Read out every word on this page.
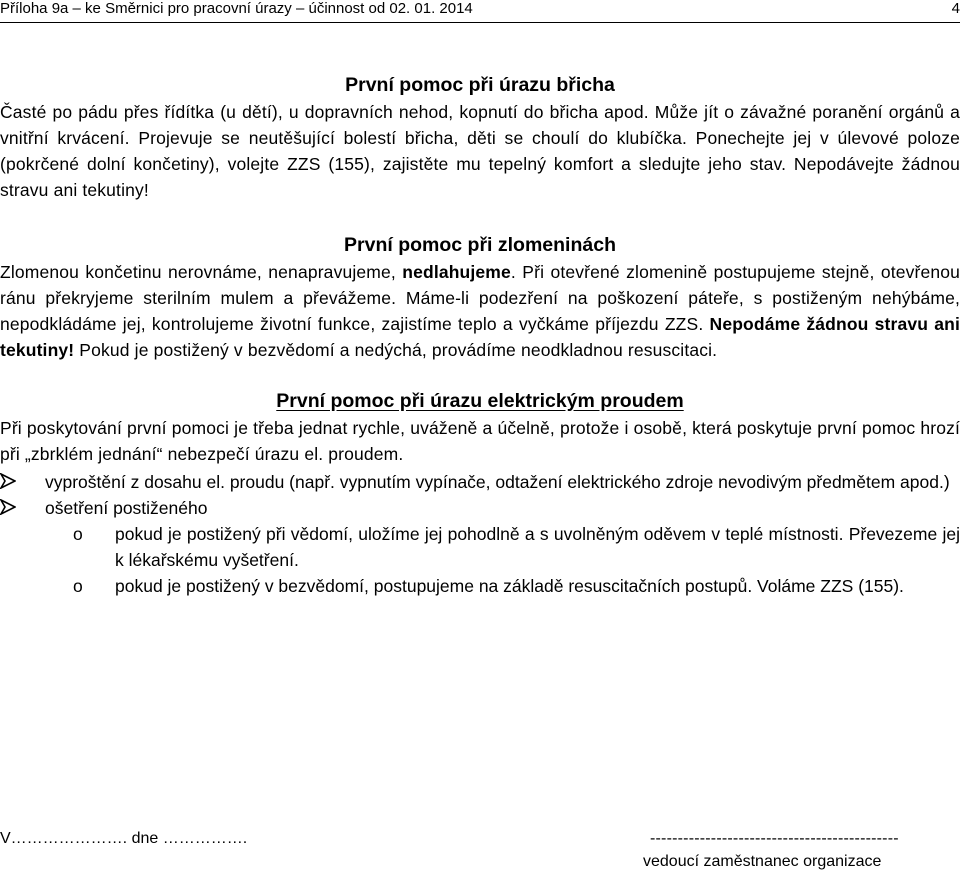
Příloha 9a – ke Směrnici pro pracovní úrazy – účinnost od 02. 01. 2014	4
První pomoc při úrazu břicha

Časté po pádu přes řídítka (u dětí), u dopravních nehod, kopnutí do břicha apod. Může jít o závažné poranění orgánů a vnitřní krvácení. Projevuje se neutěšující bolestí břicha, děti se choulí do klubíčka. Ponechejte jej v úlevové poloze (pokrčené dolní končetiny), volejte ZZS (155), zajistěte mu tepelný komfort a sledujte jeho stav. Nepodávejte žádnou stravu ani tekutiny!

První pomoc při zlomeninách

Zlomenou končetinu nerovnáme, nenapravujeme, nedlahujeme. Při otevřené zlomenině postupujeme stejně, otevřenou ránu překryjeme sterilním mulem a převážeme. Máme-li podezření na poškození páteře, s postiženým nehýbáme, nepodkládáme jej, kontrolujeme životní funkce, zajistíme teplo a vyčkáme příjezdu ZZS. Nepodáme žádnou stravu ani tekutiny! Pokud je postižený v bezvědomí a nedýchá, provádíme neodkladnou resuscitaci.

První pomoc při úrazu elektrickým proudem

Při poskytování první pomoci je třeba jednat rychle, uváženě a účelně, protože i osobě, která poskytuje první pomoc hrozí při „zbrklém jednání“ nebezpečí úrazu el. proudem.

vyproštění z dosahu el. proudu (např. vypnutím vypínače, odtažení elektrického zdroje nevodivým předmětem apod.)
ošetření postiženého
o pokud je postižený při vědomí, uložíme jej pohodlně a s uvolněným oděvem v teplé místnosti. Převezeme jej k lékařskému vyšetření.
o pokud je postižený v bezvědomí, postupujeme na základě resuscitačních postupů. Voláme ZZS (155).
V…………………. dne …………….	---------------------------------------------
vedoucí zaměstnanec organizace
